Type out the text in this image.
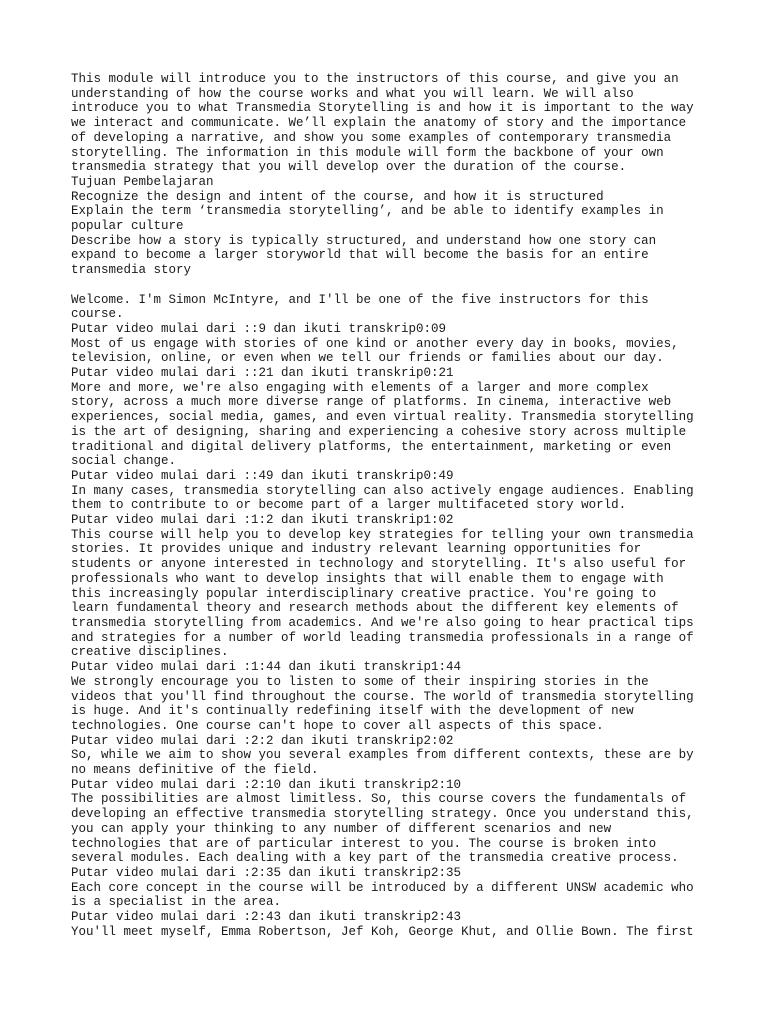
This module will introduce you to the instructors of this course, and give you an understanding of how the course works and what you will learn. We will also introduce you to what Transmedia Storytelling is and how it is important to the way we interact and communicate. We’ll explain the anatomy of story and the importance of developing a narrative, and show you some examples of contemporary transmedia storytelling. The information in this module will form the backbone of your own transmedia strategy that you will develop over the duration of the course.

Tujuan Pembelajaran

Recognize the design and intent of the course, and how it is structured

Explain the term ‘transmedia storytelling’, and be able to identify examples in popular culture

Describe how a story is typically structured, and understand how one story can expand to become a larger storyworld that will become the basis for an entire transmedia story

Welcome. I'm Simon McIntyre, and I'll be one of the five instructors for this course.

Putar video mulai dari ::9 dan ikuti transkrip0:09

Most of us engage with stories of one kind or another every day in books, movies, television, online, or even when we tell our friends or families about our day.

Putar video mulai dari ::21 dan ikuti transkrip0:21

More and more, we're also engaging with elements of a larger and more complex story, across a much more diverse range of platforms. In cinema, interactive web experiences, social media, games, and even virtual reality. Transmedia storytelling is the art of designing, sharing and experiencing a cohesive story across multiple traditional and digital delivery platforms, the entertainment, marketing or even social change.

Putar video mulai dari ::49 dan ikuti transkrip0:49

In many cases, transmedia storytelling can also actively engage audiences. Enabling them to contribute to or become part of a larger multifaceted story world.

Putar video mulai dari :1:2 dan ikuti transkrip1:02

This course will help you to develop key strategies for telling your own transmedia stories. It provides unique and industry relevant learning opportunities for students or anyone interested in technology and storytelling. It's also useful for professionals who want to develop insights that will enable them to engage with this increasingly popular interdisciplinary creative practice. You're going to learn fundamental theory and research methods about the different key elements of transmedia storytelling from academics. And we're also going to hear practical tips and strategies for a number of world leading transmedia professionals in a range of creative disciplines.

Putar video mulai dari :1:44 dan ikuti transkrip1:44

We strongly encourage you to listen to some of their inspiring stories in the videos that you'll find throughout the course. The world of transmedia storytelling is huge. And it's continually redefining itself with the development of new technologies. One course can't hope to cover all aspects of this space.

Putar video mulai dari :2:2 dan ikuti transkrip2:02

So, while we aim to show you several examples from different contexts, these are by no means definitive of the field.

Putar video mulai dari :2:10 dan ikuti transkrip2:10

The possibilities are almost limitless. So, this course covers the fundamentals of developing an effective transmedia storytelling strategy. Once you understand this, you can apply your thinking to any number of different scenarios and new technologies that are of particular interest to you. The course is broken into several modules. Each dealing with a key part of the transmedia creative process.

Putar video mulai dari :2:35 dan ikuti transkrip2:35

Each core concept in the course will be introduced by a different UNSW academic who is a specialist in the area.

Putar video mulai dari :2:43 dan ikuti transkrip2:43

You'll meet myself, Emma Robertson, Jef Koh, George Khut, and Ollie Bown. The first
